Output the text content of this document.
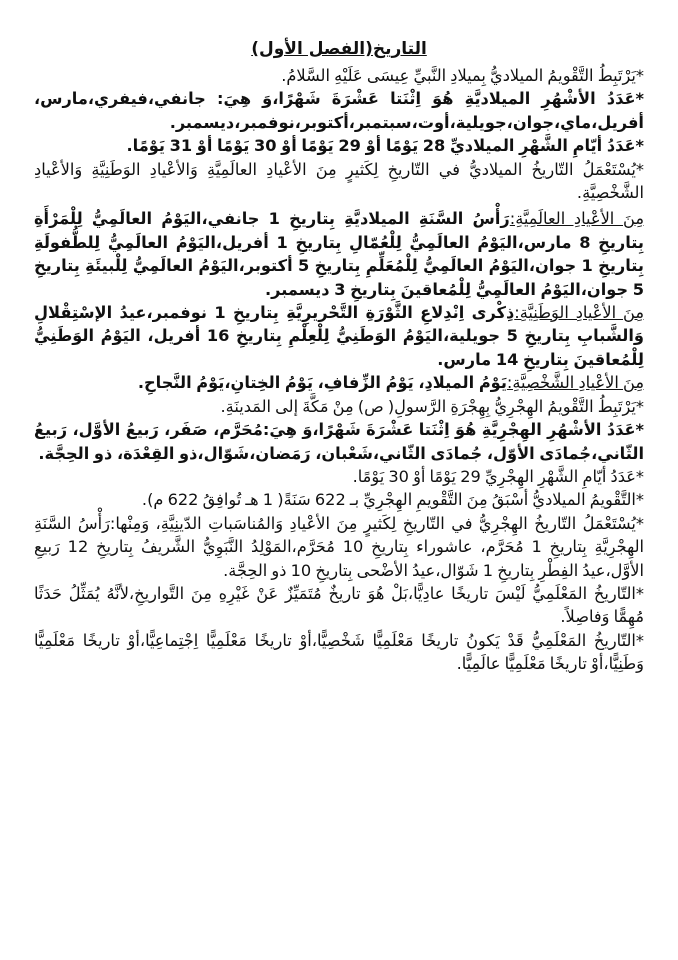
التاريخ(الفصل الأول)

*يَرْتَبِطُ التَّقْويمُ الميلاديُّ بِميلادِ النَّبيِّ عِيسَى عَلَيْهِ السَّلامُ.

*عَدَدُ الأشْهُرِ الميلاديَّةِ هُوَ اِثْنَتا عَشْرَةَ شَهْرًا،وَ هِيَ: جانفي،فيفري،مارس، أفريل،ماي،جوان،جويلية،أوت،سبتمبر،أكتوبر،نوفمبر،ديسمبر.

*عَدَدُ أيّامِ الشَّهْرِ الميلاديِّ 28 يَوْمًا أوْ 29 يَوْمًا أوْ 30 يَوْمًا أوْ 31 يَوْمًا.

*يُسْتَعْمَلُ التّاريخُ الميلاديُّ في التّاريخِ لِكَثيرٍ مِنَ الأعْيادِ العالَمِيَّةِ وَالأعْيادِ الوَطَنِيَّةِ وَالأعْيادِ الشَّخْصِيَّةِ.

مِنَ الأعْيادِ العالَمِيَّةِ:رَأْسُ السَّنَةِ الميلاديَّةِ بِتاريخِ 1 جانفي،اليَوْمُ العالَمِيُّ لِلْمَرْأَةِ بِتاريخِ 8 مارس،اليَوْمُ العالَمِيُّ لِلْعُمّالِ بِتاريخِ 1 أفريل،اليَوْمُ العالَمِيُّ لِلطُّفولَةِ بِتاريخِ 1 جوان،اليَوْمُ العالَمِيُّ لِلْمُعَلِّمِ بِتاريخِ 5 أكتوبر،اليَوْمُ العالَمِيُّ لِلْبيئَةِ بِتاريخِ 5 جوان،اليَوْمُ العالَمِيُّ لِلْمُعاقينَ بِتاريخِ 3 ديسمبر.

مِنَ الأعْيادِ الوَطَنِيَّةِ:ذِكْرى اِنْدِلاعِ الثَّوْرَةِ التَّحْريرِيَّةِ بِتاريخِ 1 نوفمبر،عيدُ الإسْتِقْلالِ وَالشَّبابِ بِتاريخِ 5 جويلية،اليَوْمُ الوَطَنِيُّ لِلْعِلْمِ بِتاريخِ 16 أفريل، اليَوْمُ الوَطَنِيُّ لِلْمُعاقينَ بِتاريخِ 14 مارس.

مِنَ الأعْيادِ الشَّخْصِيَّةِ:يَوْمُ الميلادِ، يَوْمُ الزِّفافِ، يَوْمُ الخِتانِ،يَوْمُ النَّجاحِ.

*يَرْتَبِطُ التَّقْويمُ الهِجْرِيُّ بِهِجْرَةِ الرَّسولِ( ص) مِنْ مَكَّةَ إلى المَدينَةِ.

*عَدَدُ الأشْهُرِ الهِجْرِيَّةِ هُوَ اِثْنَتا عَشْرَةَ شَهْرًا،وَ هِيَ:مُحَرَّم، صَفَر، رَبيعُ الأوَّل، رَبيعُ الثّاني،جُمادَى الأوّل، جُمادَى الثّاني،شَعْبان، رَمَضان،شَوّال،ذو القِعْدَة، ذو الحِجَّة.

*عَدَدُ أيّامِ الشَّهْرِ الهِجْرِيِّ 29 يَوْمًا أوْ 30 يَوْمًا.

*التَّقْويمُ الميلاديُّ أسْبَقُ مِنَ التَّقْويمِ الهِجْرِيِّ بـ 622 سَنَةً( 1 هـ تُوافِقُ 622 م).

*يُسْتَعْمَلُ التّاريخُ الهِجْرِيُّ في التّاريخِ لِكَثيرٍ مِنَ الأعْيادِ وَالمُناسَباتِ الدّينِيَّةِ، وَمِنْها:رَأْسُ السَّنَةِ الهِجْرِيَّةِ بِتاريخِ 1 مُحَرَّم، عاشوراء بِتاريخِ 10 مُحَرَّم،المَوْلِدُ النَّبَوِيُّ الشَّريفُ بِتاريخِ 12 رَبيعِ الأوَّل،عيدُ الفِطْرِ بِتاريخِ 1 شَوّال،عيدُ الأضْحى بِتاريخِ 10 ذو الحِجَّة.

*التّاريخُ المَعْلَمِيُّ لَيْسَ تاريخًا عادِيًّا،بَلْ هُوَ تاريخٌ مُتَمَيِّزٌ عَنْ غَيْرِهِ مِنَ التَّواريخِ،لأنَّهُ يُمَثِّلُ حَدَثًا مُهِمًّا وَفاصِلاً.

*التّاريخُ المَعْلَمِيُّ قَدْ يَكونُ تاريخًا مَعْلَمِيًّا شَخْصِيًّا،أوْ تاريخًا مَعْلَمِيًّا اِجْتِماعِيًّا،أوْ تاريخًا مَعْلَمِيًّا وَطَنِيًّا،أوْ تاريخًا مَعْلَمِيًّا عالَمِيًّا.
